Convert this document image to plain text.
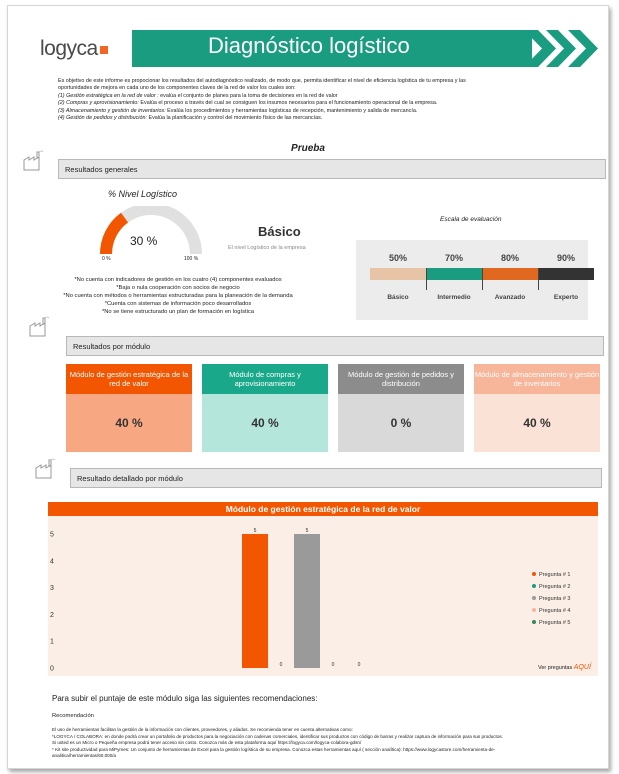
logyca	Diagnóstico logístico

Es objetivo de este informe es propocionar los resultados del autodiagnóstico realizado, de modo que, permita identificar el nivel de eficiencia logística de tu empresa y las

oportunidades de mejora en cada uno de los componentes claves de la red de valor los cuales son:

(1) Gestión estratégica en la red de valor : evalúa el conjunto de planes para la toma de decisiones en la red de valor

(2) Compras y aprovisionamiento: Evalúa el proceso a través del cual se consiguen los insumos necesarios para el funcionamiento operacional de la empresa.

(3) Almacenamiento y gestión de inventarios: Evalúa los procedimientos y herramientas logísticas de recepción, mantenimiento y salida de mercancía.

(4) Gestión de pedidos y distribución: Evalúa la planificación y control del movimiento físico de las mercancías.

Prueba
Resultados generales
% Nivel Logístico
30 %
0 %	100 %
Básico
El nivel Logístico de la empresa
Escala de evaluación
50%	70%	80%	90%
Básico	Intermedio	Avanzado	Experto

*No cuenta con indicadores de gestión en los cuatro (4) componentes evaluados

*Baja o nula cooperación con socios de negocio

*No cuenta con métodos o herramientas estructuradas para la planeación de la demanda

*Cuenta con sistemas de información poco desarrollados

*No se tiene estructurado un plan de formación en logística

Resultados por módulo
Módulo de gestión estratégica de la red de valor
40 %
Módulo de compras y aprovisionamiento
40 %
Módulo de gestión de pedidos y distribución
0 %
Módulo de almacenamiento y gestión de inventarios
40 %
Resultado detallado por módulo
Módulo de gestión estratégica de la red de valor
0
1
2
3
4
5
5
Pregunta # 1
0
Pregunta # 2
5
Pregunta # 3
0
Pregunta # 4
0
Pregunta # 5
Ver preguntas AQUÍ
Para subir el puntaje de este módulo siga las siguientes recomendaciones:
Recomendación

El uso de herramientas facilitan la gestión de la información con clientes, proveedores, y aliados. Se recomienda tener en cuenta alternativas como:

*LOGYCA / COLABORA: en donde podrá crear un portafolio de productos para la negociación con cadenas comerciales, identificar sus productos con código de barras y realizar captura de información para sus productos.

Si usted es un Micro o Pequeña empresa podrá tener acceso sin costo. Conozca más de esta plataforma aquí https://logyca.com/logyca-colabora-gdsn/

* Kit site productividad para MiPymes: Un conjunto de herramientas de Excel para la gestión logística de su empresa. Conozca estas herramientas aquí ( sección analítica): https://www.logycastore.com/herramienta-de-

analitica/herramientas/60.000/a
